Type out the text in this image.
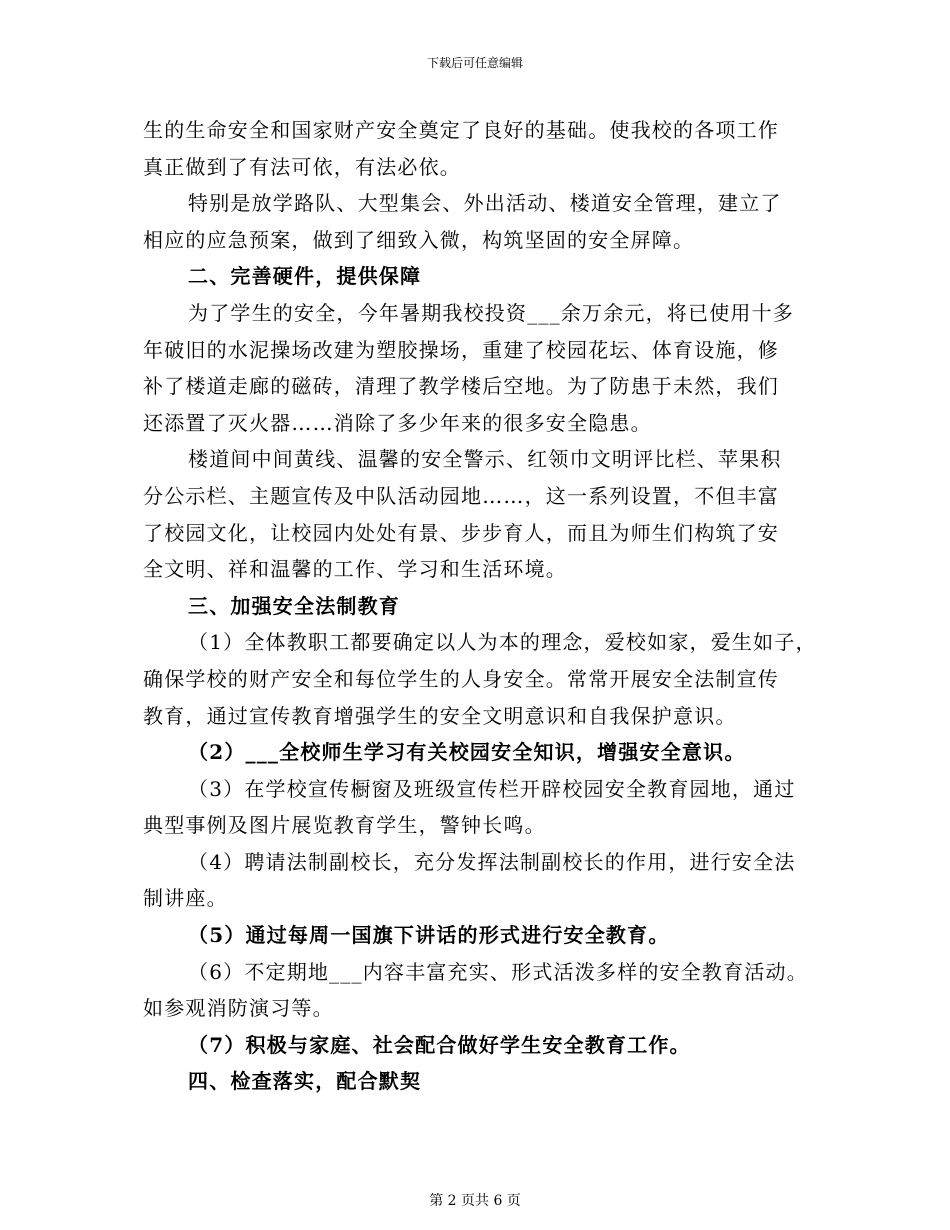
下载后可任意编辑
生的生命安全和国家财产安全奠定了良好的基础。使我校的各项工作
真正做到了有法可依，有法必依。
特别是放学路队、大型集会、外出活动、楼道安全管理，建立了
相应的应急预案，做到了细致入微，构筑坚固的安全屏障。
二、完善硬件，提供保障
为了学生的安全，今年暑期我校投资___余万余元，将已使用十多
年破旧的水泥操场改建为塑胶操场，重建了校园花坛、体育设施，修
补了楼道走廊的磁砖，清理了教学楼后空地。为了防患于未然，我们
还添置了灭火器……消除了多少年来的很多安全隐患。
楼道间中间黄线、温馨的安全警示、红领巾文明评比栏、苹果积
分公示栏、主题宣传及中队活动园地……，这一系列设置，不但丰富
了校园文化，让校园内处处有景、步步育人，而且为师生们构筑了安
全文明、祥和温馨的工作、学习和生活环境。
三、加强安全法制教育
（1）全体教职工都要确定以人为本的理念，爱校如家，爱生如子，
确保学校的财产安全和每位学生的人身安全。常常开展安全法制宣传
教育，通过宣传教育增强学生的安全文明意识和自我保护意识。
（2）___全校师生学习有关校园安全知识，增强安全意识。
（3）在学校宣传橱窗及班级宣传栏开辟校园安全教育园地，通过
典型事例及图片展览教育学生，警钟长鸣。
（4）聘请法制副校长，充分发挥法制副校长的作用，进行安全法
制讲座。
（5）通过每周一国旗下讲话的形式进行安全教育。
（6）不定期地___内容丰富充实、形式活泼多样的安全教育活动。
如参观消防演习等。
（7）积极与家庭、社会配合做好学生安全教育工作。
四、检查落实，配合默契
第 2 页共 6 页
